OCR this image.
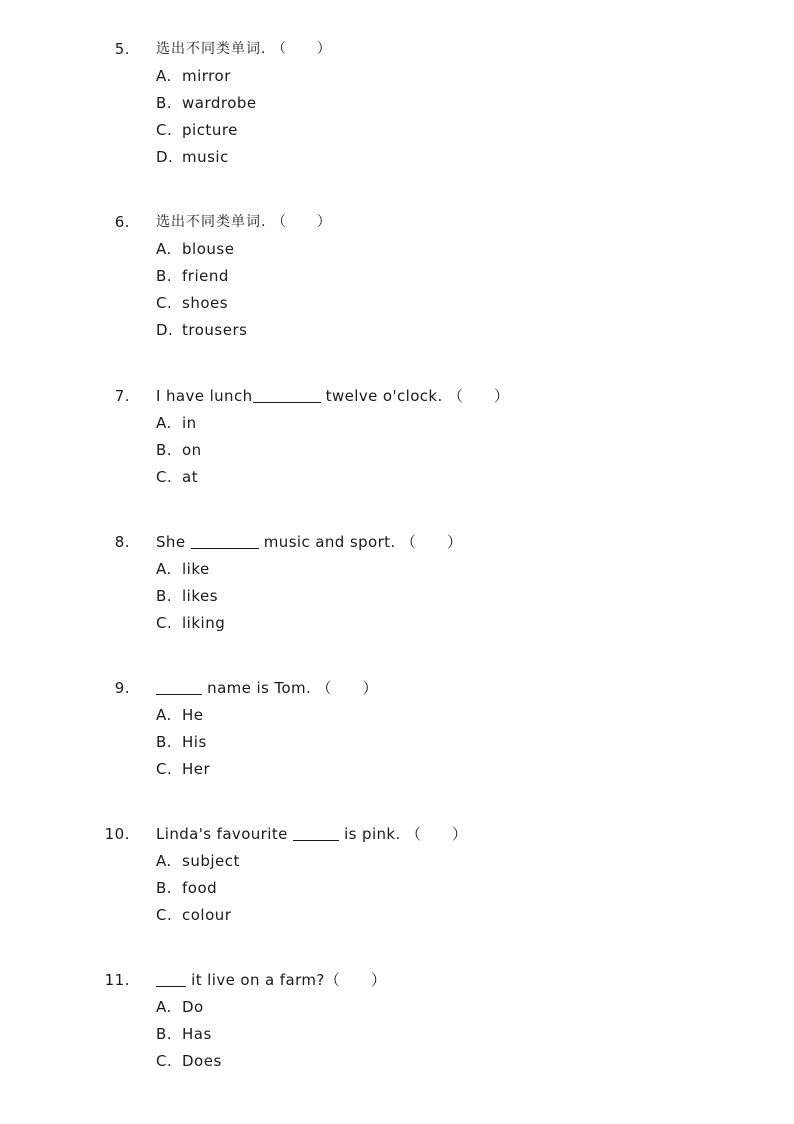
5. 选出不同类单词. （　　）
A. mirror
B. wardrobe
C. picture
D. music
6. 选出不同类单词. （　　）
A. blouse
B. friend
C. shoes
D. trousers
7. I have lunch	twelve o'clock. （　　）
A. in
B. on
C. at
8. She	music and sport. （　　）
A. like
B. likes
C. liking
9.	name is Tom. （　　）
A. He
B. His
C. Her
10. Linda's favourite	is pink. （　　）
A. subject
B. food
C. colour
11.	it live on a farm?（　　）
A. Do
B. Has
C. Does
